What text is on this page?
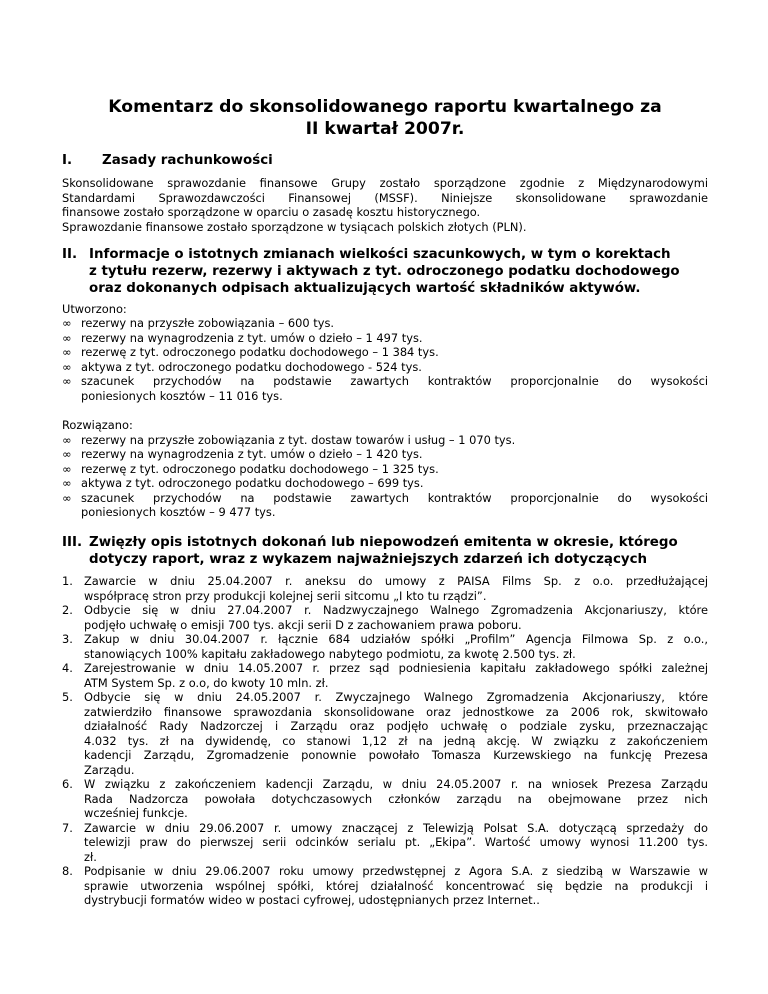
Komentarz do skonsolidowanego raportu kwartalnego za
II kwartał 2007r.
I. Zasady rachunkowości
Skonsolidowane sprawozdanie finansowe Grupy zostało sporządzone zgodnie z Międzynarodowymi
Standardami Sprawozdawczości Finansowej (MSSF). Niniejsze skonsolidowane sprawozdanie
finansowe zostało sporządzone w oparciu o zasadę kosztu historycznego.
Sprawozdanie finansowe zostało sporządzone w tysiącach polskich złotych (PLN).
II. Informacje o istotnych zmianach wielkości szacunkowych, w tym o korektach
z tytułu rezerw, rezerwy i aktywach z tyt. odroczonego podatku dochodowego
oraz dokonanych odpisach aktualizujących wartość składników aktywów.
Utworzono:
∞ rezerwy na przyszłe zobowiązania – 600 tys.
∞ rezerwy na wynagrodzenia z tyt. umów o dzieło – 1 497 tys.
∞ rezerwę z tyt. odroczonego podatku dochodowego – 1 384 tys.
∞ aktywa z tyt. odroczonego podatku dochodowego - 524 tys.
∞ szacunek przychodów na podstawie zawartych kontraktów proporcjonalnie do wysokości
poniesionych kosztów – 11 016 tys.
Rozwiązano:
∞ rezerwy na przyszłe zobowiązania z tyt. dostaw towarów i usług – 1 070 tys.
∞ rezerwy na wynagrodzenia z tyt. umów o dzieło – 1 420 tys.
∞ rezerwę z tyt. odroczonego podatku dochodowego – 1 325 tys.
∞ aktywa z tyt. odroczonego podatku dochodowego – 699 tys.
∞ szacunek przychodów na podstawie zawartych kontraktów proporcjonalnie do wysokości
poniesionych kosztów – 9 477 tys.
III. Zwięzły opis istotnych dokonań lub niepowodzeń emitenta w okresie, którego
dotyczy raport, wraz z wykazem najważniejszych zdarzeń ich dotyczących
1. Zawarcie w dniu 25.04.2007 r. aneksu do umowy z PAISA Films Sp. z o.o. przedłużającej
współpracę stron przy produkcji kolejnej serii sitcomu „I kto tu rządzi”.
2. Odbycie się w dniu 27.04.2007 r. Nadzwyczajnego Walnego Zgromadzenia Akcjonariuszy, które
podjęło uchwałę o emisji 700 tys. akcji serii D z zachowaniem prawa poboru.
3. Zakup w dniu 30.04.2007 r. łącznie 684 udziałów spółki „Profilm” Agencja Filmowa Sp. z o.o.,
stanowiących 100% kapitału zakładowego nabytego podmiotu, za kwotę 2.500 tys. zł.
4. Zarejestrowanie w dniu 14.05.2007 r. przez sąd podniesienia kapitału zakładowego spółki zależnej
ATM System Sp. z o.o, do kwoty 10 mln. zł.
5. Odbycie się w dniu 24.05.2007 r. Zwyczajnego Walnego Zgromadzenia Akcjonariuszy, które
zatwierdziło finansowe sprawozdania skonsolidowane oraz jednostkowe za 2006 rok, skwitowało
działalność Rady Nadzorczej i Zarządu oraz podjęło uchwałę o podziale zysku, przeznaczając
4.032 tys. zł na dywidendę, co stanowi 1,12 zł na jedną akcję. W związku z zakończeniem
kadencji Zarządu, Zgromadzenie ponownie powołało Tomasza Kurzewskiego na funkcję Prezesa
Zarządu.
6. W związku z zakończeniem kadencji Zarządu, w dniu 24.05.2007 r. na wniosek Prezesa Zarządu
Rada Nadzorcza powołała dotychczasowych członków zarządu na obejmowane przez nich
wcześniej funkcje.
7. Zawarcie w dniu 29.06.2007 r. umowy znaczącej z Telewizją Polsat S.A. dotyczącą sprzedaży do
telewizji praw do pierwszej serii odcinków serialu pt. „Ekipa”. Wartość umowy wynosi 11.200 tys.
zł.
8. Podpisanie w dniu 29.06.2007 roku umowy przedwstępnej z Agora S.A. z siedzibą w Warszawie w
sprawie utworzenia wspólnej spółki, której działalność koncentrować się będzie na produkcji i
dystrybucji formatów wideo w postaci cyfrowej, udostępnianych przez Internet..
